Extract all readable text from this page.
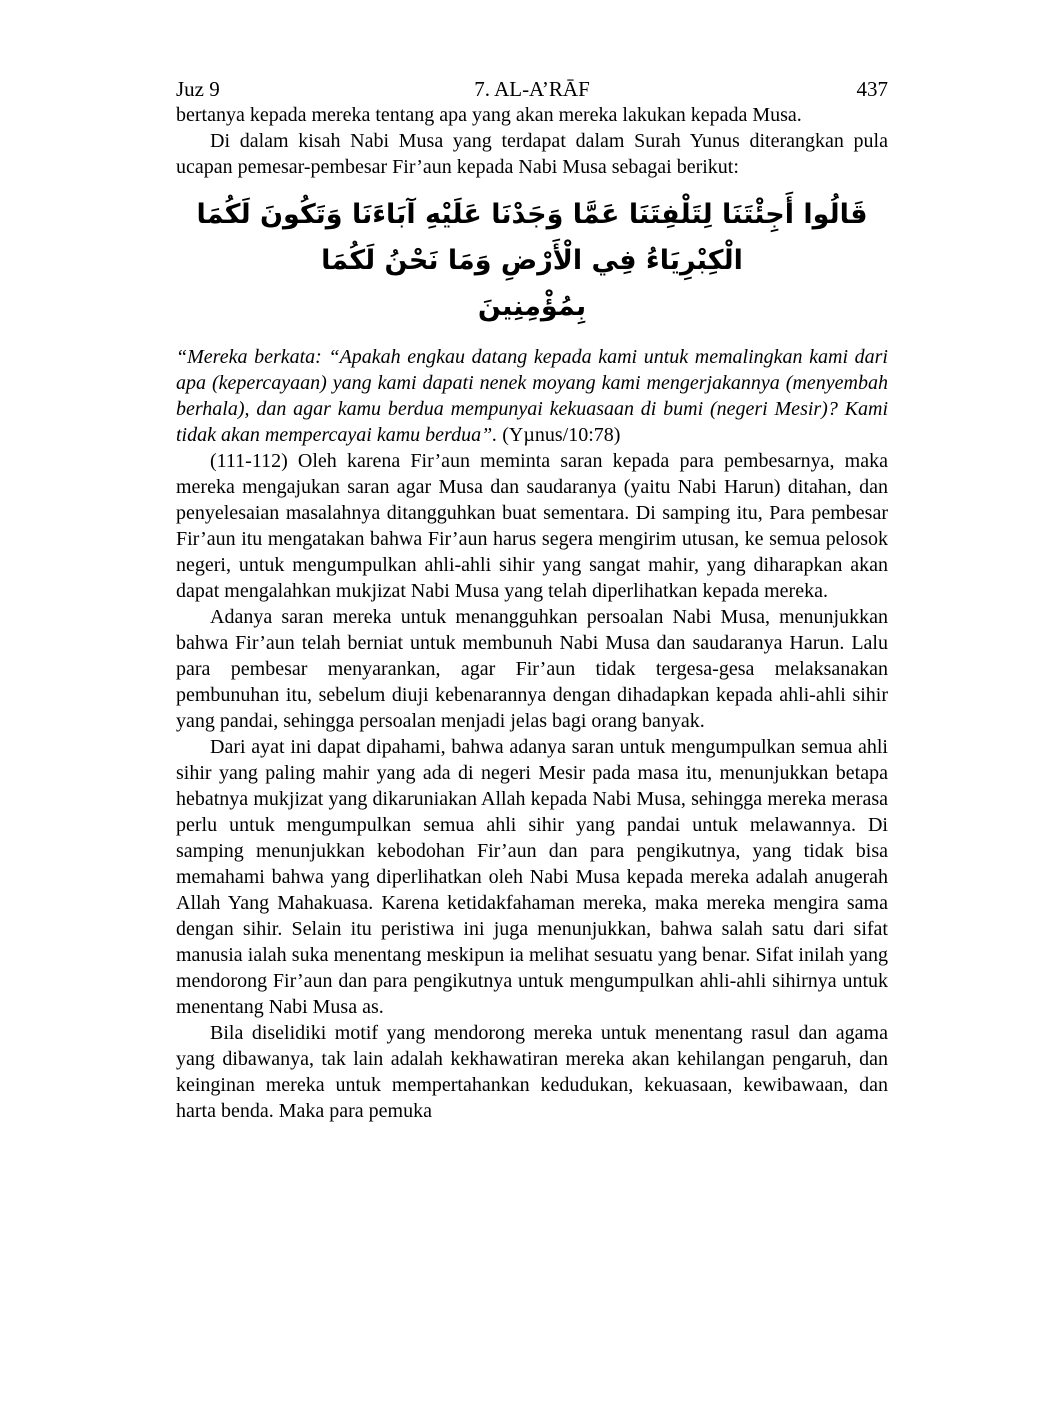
Juz 9	7. AL-A’RĀF	437

bertanya kepada mereka tentang apa yang akan mereka lakukan kepada Musa.

Di dalam kisah Nabi Musa yang terdapat dalam Surah Yunus diterangkan pula ucapan pemesar-pembesar Fir’aun kepada Nabi Musa sebagai berikut:

قَالُوا أَجِئْتَنَا لِتَلْفِتَنَا عَمَّا وَجَدْنَا عَلَيْهِ آبَاءَنَا وَتَكُونَ لَكُمَا الْكِبْرِيَاءُ فِي الْأَرْضِ وَمَا نَحْنُ لَكُمَا
بِمُؤْمِنِينَ

“Mereka berkata: “Apakah engkau datang kepada kami untuk memalingkan kami dari apa (kepercayaan) yang kami dapati nenek moyang kami mengerjakannya (menyembah berhala), dan agar kamu berdua mempunyai kekuasaan di bumi (negeri Mesir)? Kami tidak akan mempercayai kamu berdua”. (Yµnus/10:78)

(111-112) Oleh karena Fir’aun meminta saran kepada para pembesarnya, maka mereka mengajukan saran agar Musa dan saudaranya (yaitu Nabi Harun) ditahan, dan penyelesaian masalahnya ditangguhkan buat sementara. Di samping itu, Para pembesar Fir’aun itu mengatakan bahwa Fir’aun harus segera mengirim utusan, ke semua pelosok negeri, untuk mengumpulkan ahli-ahli sihir yang sangat mahir, yang diharapkan akan dapat mengalahkan mukjizat Nabi Musa yang telah diperlihatkan kepada mereka.

Adanya saran mereka untuk menangguhkan persoalan Nabi Musa, menunjukkan bahwa Fir’aun telah berniat untuk membunuh Nabi Musa dan saudaranya Harun. Lalu para pembesar menyarankan, agar Fir’aun tidak tergesa-gesa melaksanakan pembunuhan itu, sebelum diuji kebenarannya dengan dihadapkan kepada ahli-ahli sihir yang pandai, sehingga persoalan menjadi jelas bagi orang banyak.

Dari ayat ini dapat dipahami, bahwa adanya saran untuk mengumpulkan semua ahli sihir yang paling mahir yang ada di negeri Mesir pada masa itu, menunjukkan betapa hebatnya mukjizat yang dikaruniakan Allah kepada Nabi Musa, sehingga mereka merasa perlu untuk mengumpulkan semua ahli sihir yang pandai untuk melawannya. Di samping menunjukkan kebodohan Fir’aun dan para pengikutnya, yang tidak bisa memahami bahwa yang diperlihatkan oleh Nabi Musa kepada mereka adalah anugerah Allah Yang Mahakuasa. Karena ketidakfahaman mereka, maka mereka mengira sama dengan sihir. Selain itu peristiwa ini juga menunjukkan, bahwa salah satu dari sifat manusia ialah suka menentang meskipun ia melihat sesuatu yang benar. Sifat inilah yang mendorong Fir’aun dan para pengikutnya untuk mengumpulkan ahli-ahli sihirnya untuk menentang Nabi Musa as.

Bila diselidiki motif yang mendorong mereka untuk menentang rasul dan agama yang dibawanya, tak lain adalah kekhawatiran mereka akan kehilangan pengaruh, dan keinginan mereka untuk mempertahankan kedudukan, kekuasaan, kewibawaan, dan harta benda. Maka para pemuka
